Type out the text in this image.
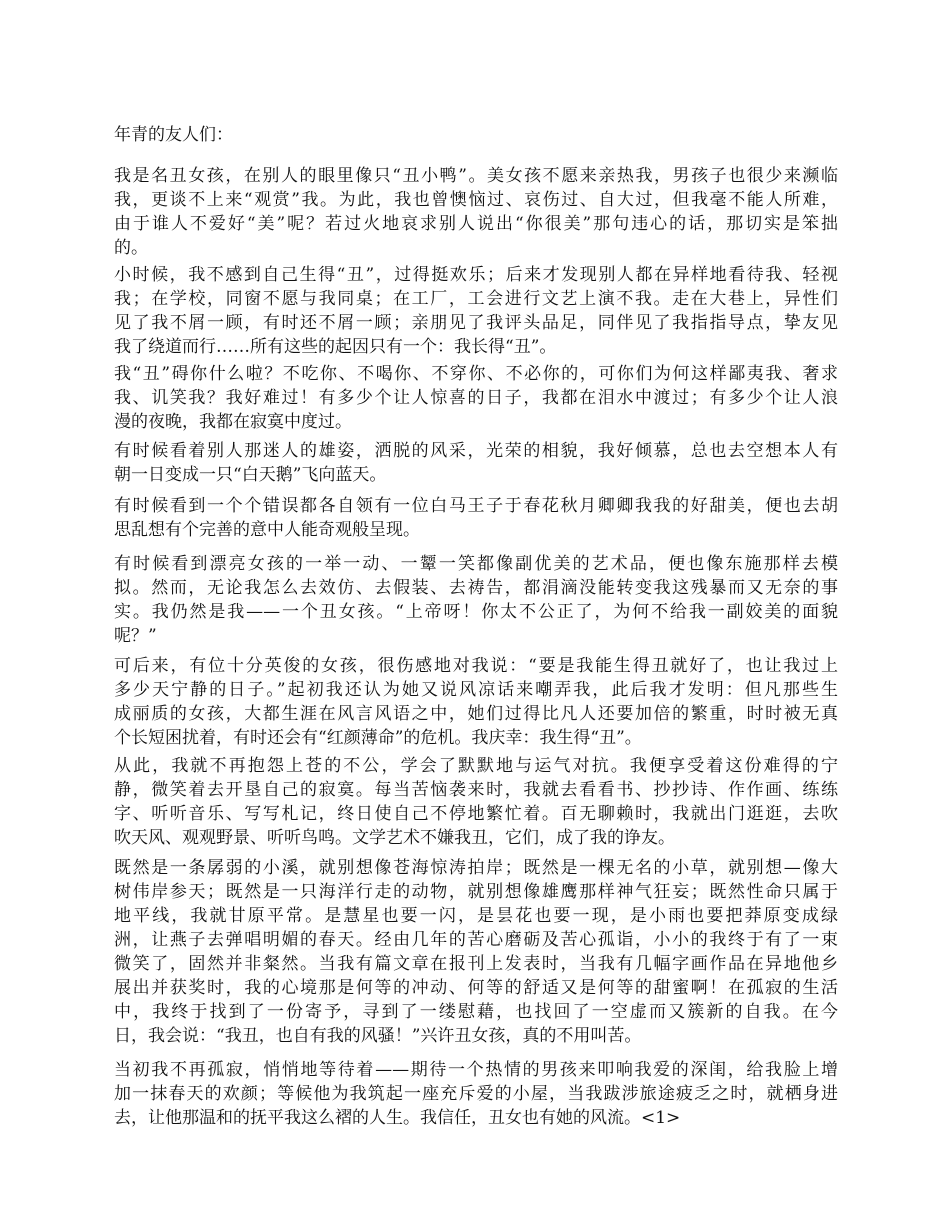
年青的友人们：

我是名丑女孩，在别人的眼里像只“丑小鸭”。美女孩不愿来亲热我，男孩子也很少来濒临
我，更谈不上来“观赏”我。为此，我也曾懊恼过、哀伤过、自大过，但我毫不能人所难，
由于谁人不爱好“美”呢？若过火地哀求别人说出“你很美”那句违心的话，那切实是笨拙
的。
小时候，我不感到自己生得“丑”，过得挺欢乐；后来才发现别人都在异样地看待我、轻视
我；在学校，同窗不愿与我同桌；在工厂，工会进行文艺上演不我。走在大巷上，异性们
见了我不屑一顾，有时还不屑一顾；亲朋见了我评头品足，同伴见了我指指导点，挚友见
我了绕道而行……所有这些的起因只有一个：我长得“丑”。
我“丑”碍你什么啦？不吃你、不喝你、不穿你、不必你的，可你们为何这样鄙夷我、奢求
我、讥笑我？我好难过！有多少个让人惊喜的日子，我都在泪水中渡过；有多少个让人浪
漫的夜晚，我都在寂寞中度过。
有时候看着别人那迷人的雄姿，洒脱的风采，光荣的相貌，我好倾慕，总也去空想本人有
朝一日变成一只“白天鹅”飞向蓝天。
有时候看到一个个错误都各自领有一位白马王子于春花秋月卿卿我我的好甜美，便也去胡
思乱想有个完善的意中人能奇观般呈现。
有时候看到漂亮女孩的一举一动、一颦一笑都像副优美的艺术品，便也像东施那样去模
拟。然而，无论我怎么去效仿、去假装、去祷告，都涓滴没能转变我这残暴而又无奈的事
实。我仍然是我——一个丑女孩。“上帝呀！你太不公正了，为何不给我一副姣美的面貌
呢？”
可后来，有位十分英俊的女孩，很伤感地对我说：“要是我能生得丑就好了，也让我过上
多少天宁静的日子。”起初我还认为她又说风凉话来嘲弄我，此后我才发明：但凡那些生
成丽质的女孩，大都生涯在风言风语之中，她们过得比凡人还要加倍的繁重，时时被无真
个长短困扰着，有时还会有“红颜薄命”的危机。我庆幸：我生得“丑”。
从此，我就不再抱怨上苍的不公，学会了默默地与运气对抗。我便享受着这份难得的宁
静，微笑着去开垦自己的寂寞。每当苦恼袭来时，我就去看看书、抄抄诗、作作画、练练
字、听听音乐、写写札记，终日使自己不停地繁忙着。百无聊赖时，我就出门逛逛，去吹
吹天风、观观野景、听听鸟鸣。文学艺术不嫌我丑，它们，成了我的诤友。
既然是一条孱弱的小溪，就别想像苍海惊涛拍岸；既然是一棵无名的小草，就别想—像大
树伟岸参天；既然是一只海洋行走的动物，就别想像雄鹰那样神气狂妄；既然性命只属于
地平线，我就甘原平常。是慧星也要一闪，是昙花也要一现，是小雨也要把莽原变成绿
洲，让燕子去弹唱明媚的春天。经由几年的苦心磨砺及苦心孤诣，小小的我终于有了一束
微笑了，固然并非粲然。当我有篇文章在报刊上发表时，当我有几幅字画作品在异地他乡
展出并获奖时，我的心境那是何等的冲动、何等的舒适又是何等的甜蜜啊！在孤寂的生活
中，我终于找到了一份寄予，寻到了一缕慰藉，也找回了一空虚而又簇新的自我。在今
日，我会说：“我丑，也自有我的风骚！”兴许丑女孩，真的不用叫苦。
当初我不再孤寂，悄悄地等待着——期待一个热情的男孩来叩响我爱的深闺，给我脸上增
加一抹春天的欢颜；等候他为我筑起一座充斥爱的小屋，当我跋涉旅途疲乏之时，就栖身进
去，让他那温和的抚平我这么褶的人生。我信任，丑女也有她的风流。<1>
